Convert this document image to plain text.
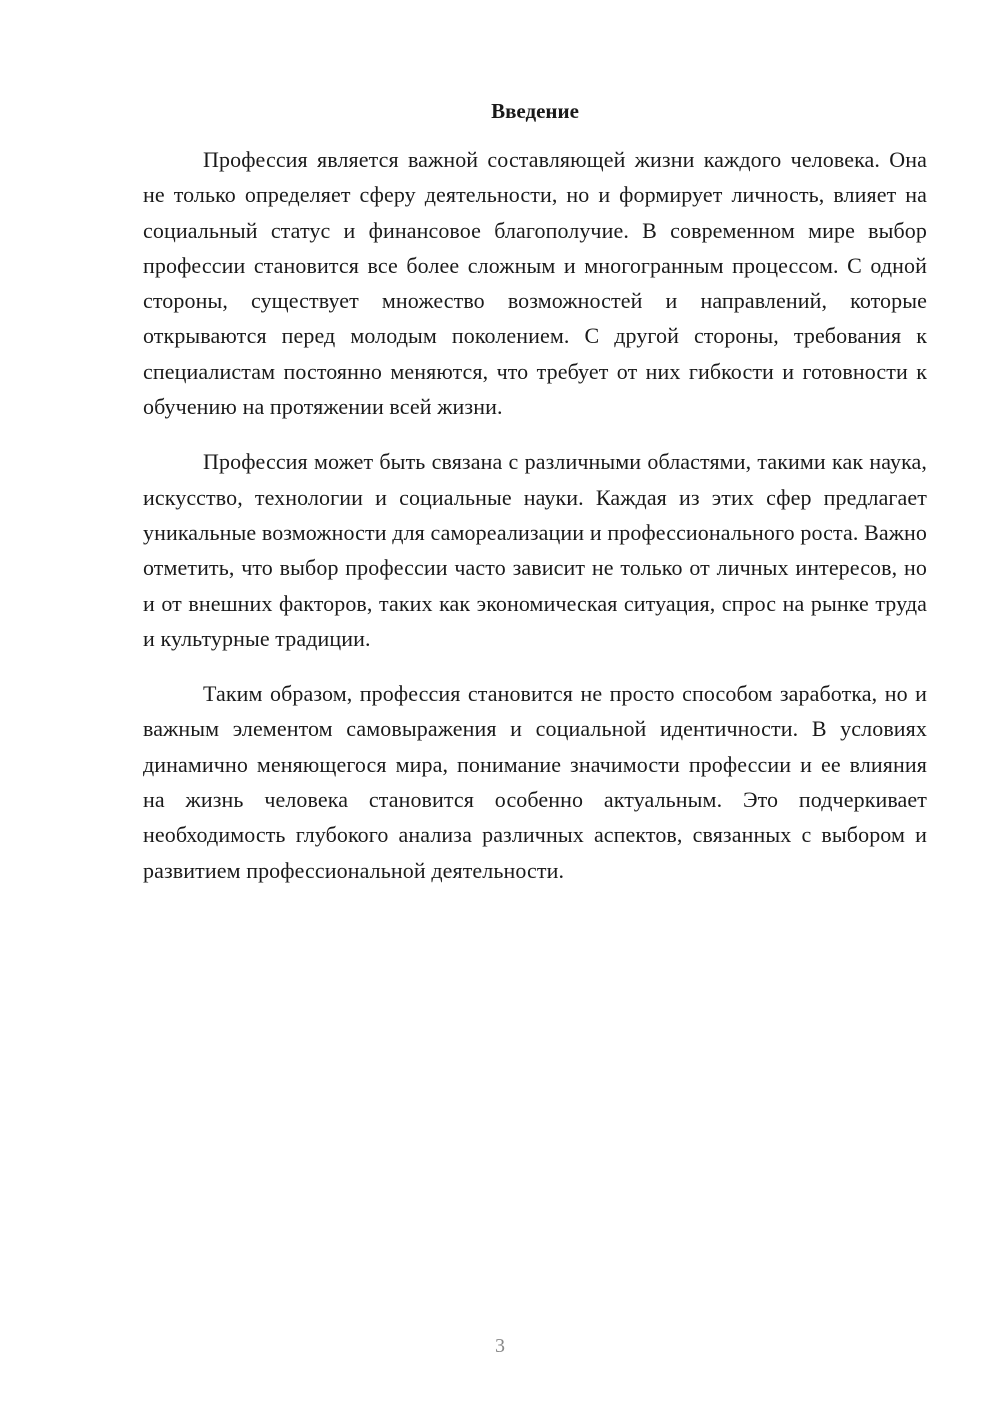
Введение

Профессия является важной составляющей жизни каждого человека. Она не только определяет сферу деятельности, но и формирует личность, влияет на социальный статус и финансовое благополучие. В современном мире выбор профессии становится все более сложным и многогранным процессом. С одной стороны, существует множество возможностей и направлений, которые открываются перед молодым поколением. С другой стороны, требования к специалистам постоянно меняются, что требует от них гибкости и готовности к обучению на протяжении всей жизни.

Профессия может быть связана с различными областями, такими как наука, искусство, технологии и социальные науки. Каждая из этих сфер предлагает уникальные возможности для самореализации и профессионального роста. Важно отметить, что выбор профессии часто зависит не только от личных интересов, но и от внешних факторов, таких как экономическая ситуация, спрос на рынке труда и культурные традиции.

Таким образом, профессия становится не просто способом заработка, но и важным элементом самовыражения и социальной идентичности. В условиях динамично меняющегося мира, понимание значимости профессии и ее влияния на жизнь человека становится особенно актуальным. Это подчеркивает необходимость глубокого анализа различных аспектов, связанных с выбором и развитием профессиональной деятельности.

3
